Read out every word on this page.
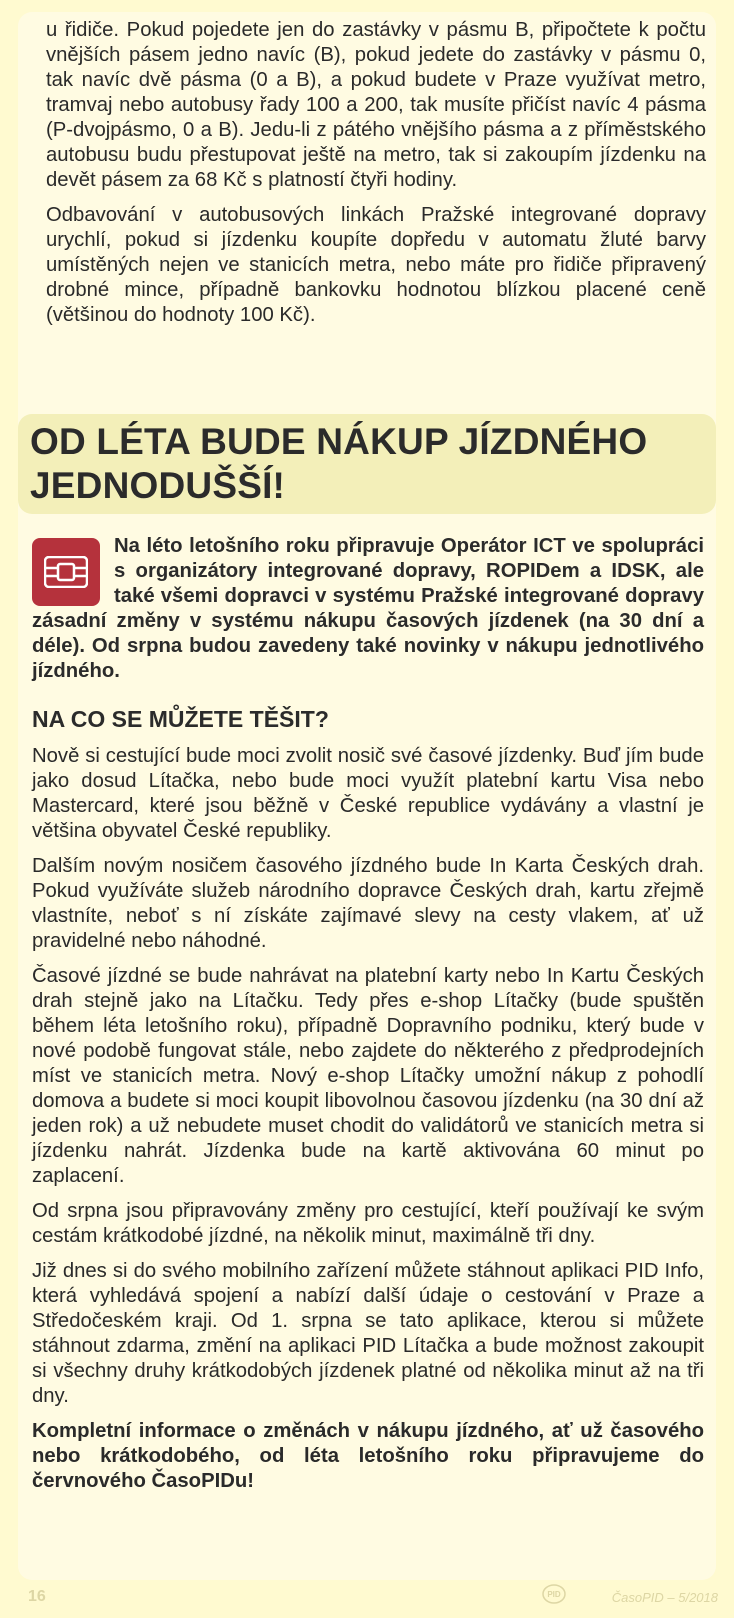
u řidiče. Pokud pojedete jen do zastávky v pásmu B, připočtete k počtu vnějších pásem jedno navíc (B), pokud jedete do zastávky v pásmu 0, tak navíc dvě pásma (0 a B), a pokud budete v Praze využívat metro, tramvaj nebo autobusy řady 100 a 200, tak musíte přičíst navíc 4 pásma (P-dvojpásmo, 0 a B). Jedu-li z pátého vnějšího pásma a z příměstského autobusu budu přestupovat ještě na metro, tak si zakoupím jízdenku na devět pásem za 68 Kč s platností čtyři hodiny.

Odbavování v autobusových linkách Pražské integrované dopravy urychlí, pokud si jízdenku koupíte dopředu v automatu žluté barvy umístěných nejen ve stanicích metra, nebo máte pro řidiče připravený drobné mince, případně bankovku hodnotou blízkou placené ceně (většinou do hodnoty 100 Kč).

OD LÉTA BUDE NÁKUP JÍZDNÉHO JEDNODUŠŠÍ!

Na léto letošního roku připravuje Operátor ICT ve spolupráci s organizátory integrované dopravy, ROPIDem a IDSK, ale také všemi dopravci v systému Pražské integrované dopravy zásadní změny v systému nákupu časových jízdenek (na 30 dní a déle). Od srpna budou zavedeny také novinky v nákupu jednotlivého jízdného.

NA CO SE MŮŽETE TĚŠIT?

Nově si cestující bude moci zvolit nosič své časové jízdenky. Buď jím bude jako dosud Lítačka, nebo bude moci využít platební kartu Visa nebo Mastercard, které jsou běžně v České republice vydávány a vlastní je většina obyvatel České republiky.

Dalším novým nosičem časového jízdného bude In Karta Českých drah. Pokud využíváte služeb národního dopravce Českých drah, kartu zřejmě vlastníte, neboť s ní získáte zajímavé slevy na cesty vlakem, ať už pravidelné nebo náhodné.

Časové jízdné se bude nahrávat na platební karty nebo In Kartu Českých drah stejně jako na Lítačku. Tedy přes e-shop Lítačky (bude spuštěn během léta letošního roku), případně Dopravního podniku, který bude v nové podobě fungovat stále, nebo zajdete do některého z předprodejních míst ve stanicích metra. Nový e-shop Lítačky umožní nákup z pohodlí domova a budete si moci koupit libovolnou časovou jízdenku (na 30 dní až jeden rok) a už nebudete muset chodit do validátorů ve stanicích metra si jízdenku nahrát. Jízdenka bude na kartě aktivována 60 minut po zaplacení.

Od srpna jsou připravovány změny pro cestující, kteří používají ke svým cestám krátkodobé jízdné, na několik minut, maximálně tři dny.

Již dnes si do svého mobilního zařízení můžete stáhnout aplikaci PID Info, která vyhledává spojení a nabízí další údaje o cestování v Praze a Středočeském kraji. Od 1. srpna se tato aplikace, kterou si můžete stáhnout zdarma, změní na aplikaci PID Lítačka a bude možnost zakoupit si všechny druhy krátkodobých jízdenek platné od několika minut až na tři dny.

Kompletní informace o změnách v nákupu jízdného, ať už časového nebo krátkodobého, od léta letošního roku připravujeme do červnového ČasoPIDu!

16	ČasoPID – 5/2018
PID
